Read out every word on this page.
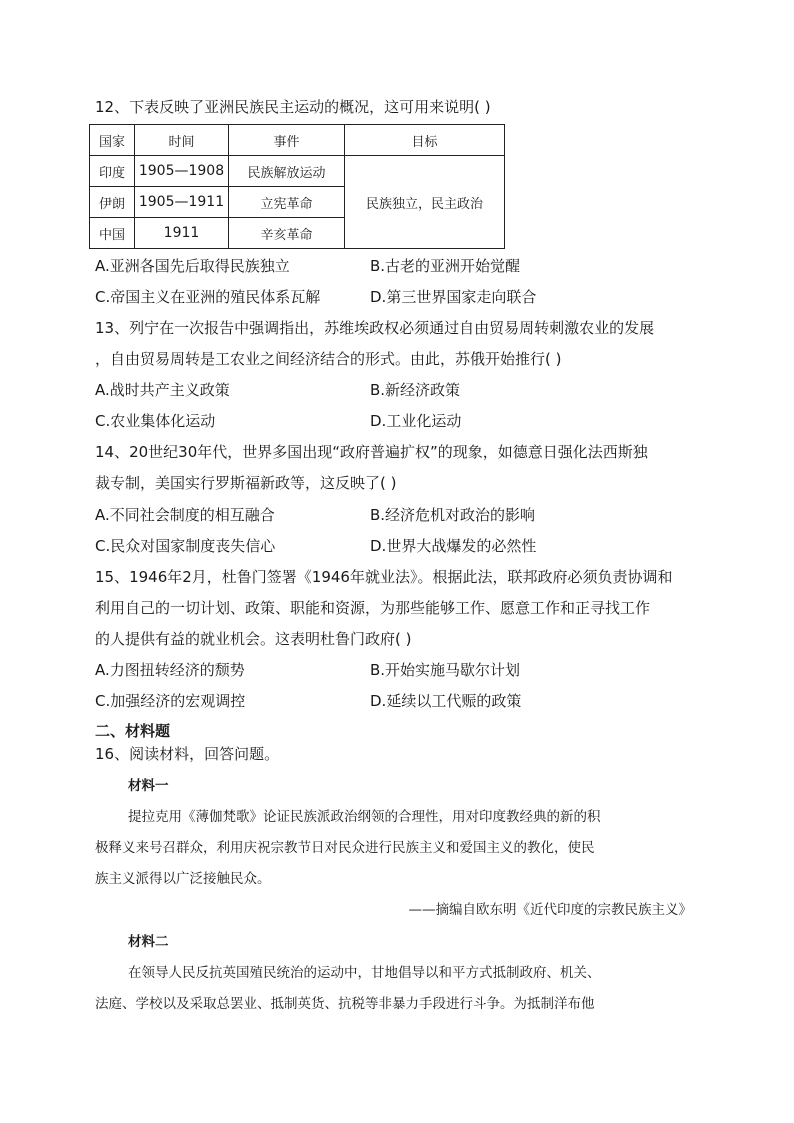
12、下表反映了亚洲民族民主运动的概况，这可用来说明( )
国家	时间	事件	目标
印度	1905—1908	民族解放运动	民族独立，民主政治
伊朗	1905—1911	立宪革命	
中国	1911	辛亥革命	
A.亚洲各国先后取得民族独立	B.古老的亚洲开始觉醒
C.帝国主义在亚洲的殖民体系瓦解	D.第三世界国家走向联合
13、列宁在一次报告中强调指出，苏维埃政权必须通过自由贸易周转刺激农业的发展
，自由贸易周转是工农业之间经济结合的形式。由此，苏俄开始推行( )
A.战时共产主义政策	B.新经济政策
C.农业集体化运动	D.工业化运动
14、20世纪30年代，世界多国出现“政府普遍扩权”的现象，如德意日强化法西斯独
裁专制，美国实行罗斯福新政等，这反映了( )
A.不同社会制度的相互融合	B.经济危机对政治的影响
C.民众对国家制度丧失信心	D.世界大战爆发的必然性
15、1946年2月，杜鲁门签署《1946年就业法》。根据此法，联邦政府必须负责协调和
利用自己的一切计划、政策、职能和资源，为那些能够工作、愿意工作和正寻找工作
的人提供有益的就业机会。这表明杜鲁门政府( )
A.力图扭转经济的颓势	B.开始实施马歇尔计划
C.加强经济的宏观调控	D.延续以工代赈的政策
二、材料题
16、阅读材料，回答问题。
材料一
提拉克用《薄伽梵歌》论证民族派政治纲领的合理性，用对印度教经典的新的积
极释义来号召群众，利用庆祝宗教节日对民众进行民族主义和爱国主义的教化，使民
族主义派得以广泛接触民众。
——摘编自欧东明《近代印度的宗教民族主义》
材料二
在领导人民反抗英国殖民统治的运动中，甘地倡导以和平方式抵制政府、机关、
法庭、学校以及采取总罢业、抵制英货、抗税等非暴力手段进行斗争。为抵制洋布他
